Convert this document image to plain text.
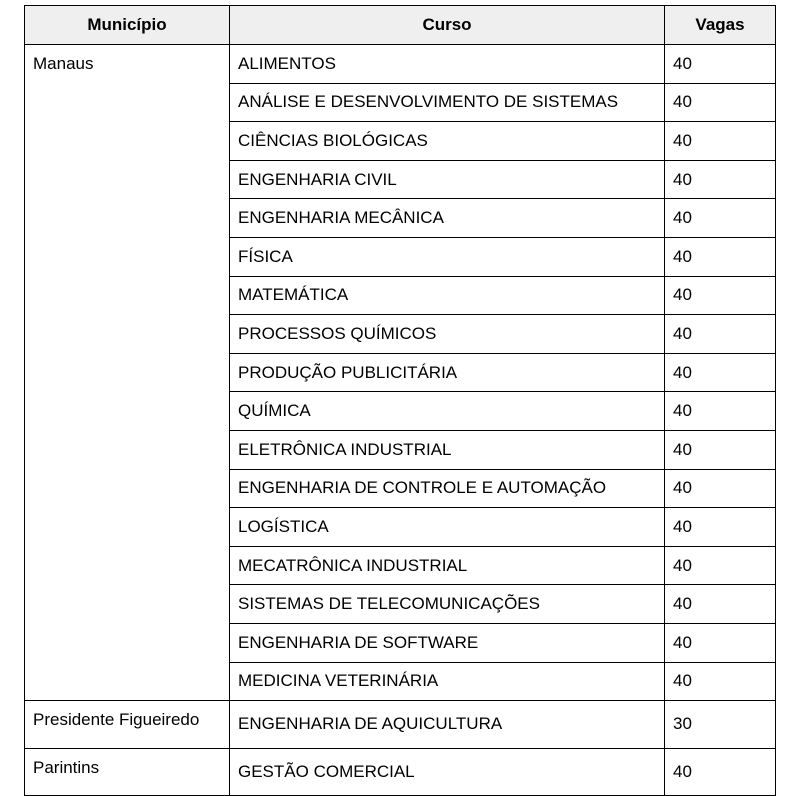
Município	Curso	Vagas
Manaus	ALIMENTOS	40
	ANÁLISE E DESENVOLVIMENTO DE SISTEMAS	40
	CIÊNCIAS BIOLÓGICAS	40
	ENGENHARIA CIVIL	40
	ENGENHARIA MECÂNICA	40
	FÍSICA	40
	MATEMÁTICA	40
	PROCESSOS QUÍMICOS	40
	PRODUÇÃO PUBLICITÁRIA	40
	QUÍMICA	40
	ELETRÔNICA INDUSTRIAL	40
	ENGENHARIA DE CONTROLE E AUTOMAÇÃO	40
	LOGÍSTICA	40
	MECATRÔNICA INDUSTRIAL	40
	SISTEMAS DE TELECOMUNICAÇÕES	40
	ENGENHARIA DE SOFTWARE	40
	MEDICINA VETERINÁRIA	40
Presidente Figueiredo	ENGENHARIA DE AQUICULTURA	30
Parintins	GESTÃO COMERCIAL	40
